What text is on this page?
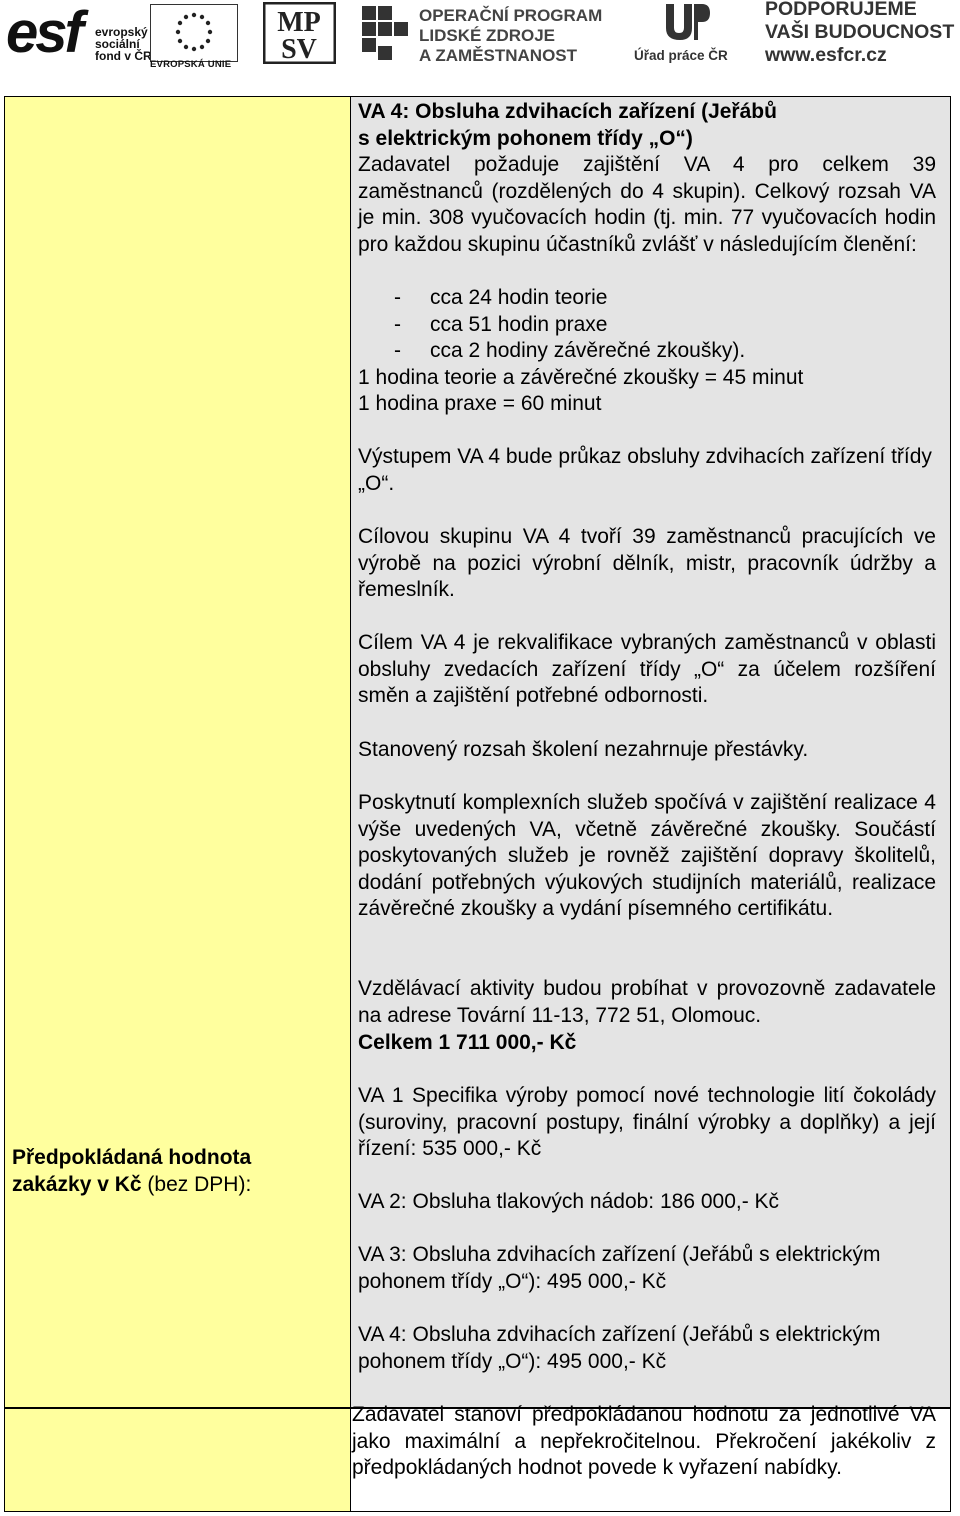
esf evropský
sociální
fond v ČR
EVROPSKÁ UNIE
MP
SV
OPERAČNÍ PROGRAM
LIDSKÉ ZDROJE
A ZAMĚSTNANOST	Úřad práce ČR
PODPORUJEME
VAŠI BUDOUCNOST
www.esfcr.cz
Předpokládaná hodnota zakázky v Kč (bez DPH):
VA 4: Obsluha zdvihacích zařízení (Jeřábů
s elektrickým pohonem třídy „O“)
Zadavatel požaduje zajištění VA 4 pro celkem 39 zaměstnanců (rozdělených do 4 skupin). Celkový rozsah VA je min. 308 vyučovacích hodin (tj. min. 77 vyučovacích hodin pro každou skupinu účastníků zvlášť v následujícím členění:
- cca 24 hodin teorie
- cca 51 hodin praxe
- cca 2 hodiny závěrečné zkoušky).
1 hodina teorie a závěrečné zkoušky = 45 minut
1 hodina praxe = 60 minut
Výstupem VA 4 bude průkaz obsluhy zdvihacích zařízení třídy „O“.
Cílovou skupinu VA 4 tvoří 39 zaměstnanců pracujících ve výrobě na pozici výrobní dělník, mistr, pracovník údržby a řemeslník.
Cílem VA 4 je rekvalifikace vybraných zaměstnanců v oblasti obsluhy zvedacích zařízení třídy „O“ za účelem rozšíření směn a zajištění potřebné odbornosti.
Stanovený rozsah školení nezahrnuje přestávky.
Poskytnutí komplexních služeb spočívá v zajištění realizace 4 výše uvedených VA, včetně závěrečné zkoušky. Součástí poskytovaných služeb je rovněž zajištění dopravy školitelů, dodání potřebných výukových studijních materiálů, realizace závěrečné zkoušky a vydání písemného certifikátu.
Vzdělávací aktivity budou probíhat v provozovně zadavatele na adrese Tovární 11-13, 772 51, Olomouc.
Celkem 1 711 000,- Kč
VA 1 Specifika výroby pomocí nové technologie lití čokolády (suroviny, pracovní postupy, finální výrobky a doplňky) a její řízení: 535 000,- Kč
VA 2: Obsluha tlakových nádob: 186 000,- Kč
VA 3: Obsluha zdvihacích zařízení (Jeřábů s elektrickým pohonem třídy „O“): 495 000,- Kč
VA 4: Obsluha zdvihacích zařízení (Jeřábů s elektrickým pohonem třídy „O“): 495 000,- Kč
Zadavatel stanoví předpokládanou hodnotu za jednotlivé VA jako maximální a nepřekročitelnou. Překročení jakékoliv z předpokládaných hodnot povede k vyřazení nabídky.
